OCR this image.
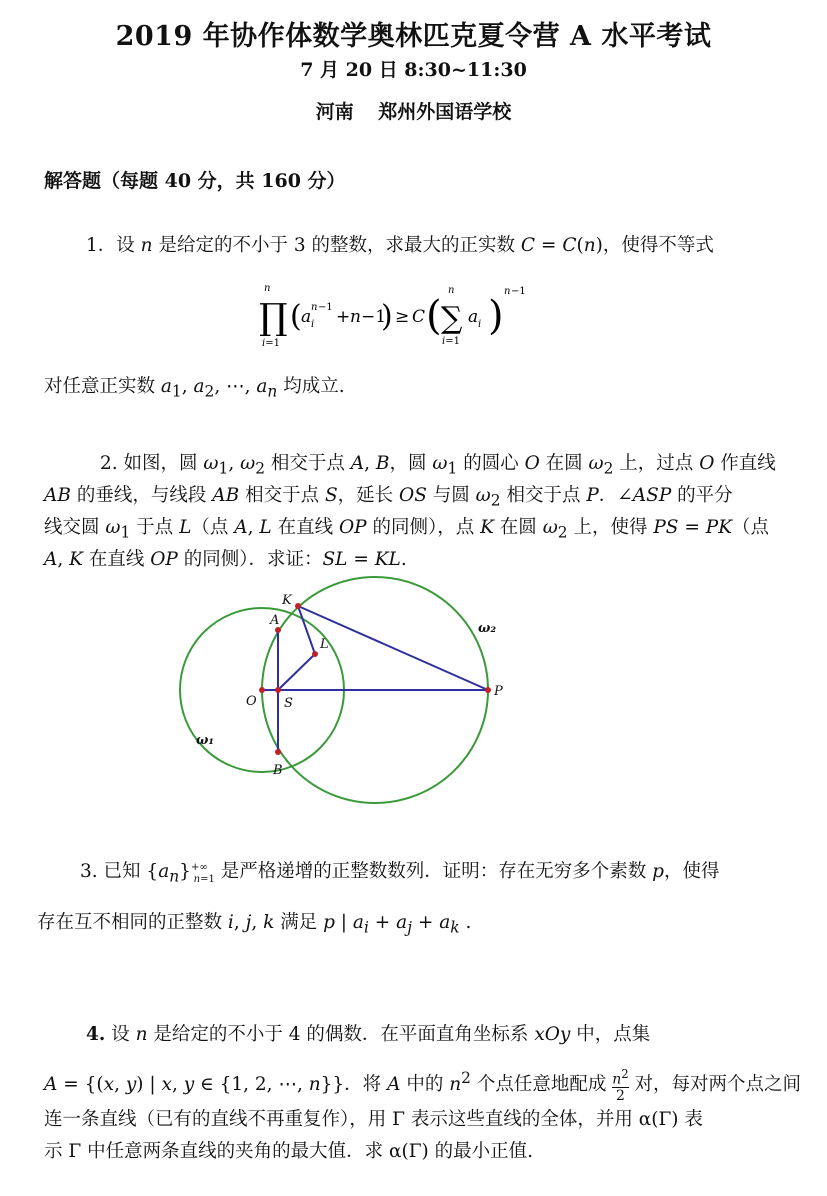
2019 年协作体数学奥林匹克夏令营 A 水平考试
7 月 20 日 8:30~11:30
河南 郑州外国语学校
解答题（每题 40 分，共 160 分）
1．设 n 是给定的不小于 3 的整数，求最大的正实数 C = C(n)，使得不等式
n
∏
i=1
( a n −1
i + n −1
) ≥ C (
n
∑
i=1
a i )
n −1
对任意正实数 $a_1$, $a_2$, ⋯, $a_n$ 均成立.
2. 如图，圆 $\omega_1$, $\omega_2$ 相交于点 A, B，圆 $\omega_1$ 的圆心 O 在圆 $\omega_2$ 上，过点 O 作直线
AB 的垂线，与线段 AB 相交于点 S，延长 OS 与圆 $\omega_2$ 相交于点 P．∠ASP 的平分
线交圆 $\omega_1$ 于点 L（点 A, L 在直线 OP 的同侧），点 K 在圆 $\omega_2$ 上，使得 PS = PK（点
A, K 在直线 OP 的同侧）．求证：SL = KL.
K
A
L
O S
B
P
ω₁
ω₂
3. 已知 $\{a_n\}^{+\infty}_{n=1}$ 是严格递增的正整数数列．证明：存在无穷多个素数 p，使得
存在互不相同的正整数 i, j, k 满足 p | $a_i + a_j + a_k$ .
4. 设 n 是给定的不小于 4 的偶数．在平面直角坐标系 xOy 中，点集
A = {(x, y) | x, y ∈ {1, 2, ⋯, n}}．将 A 中的 $n^2$ 个点任意地配成 $\frac{n^2}{2}$ 对，每对两个点之间
连一条直线（已有的直线不再重复作），用 Γ 表示这些直线的全体，并用 α(Γ) 表
示 Γ 中任意两条直线的夹角的最大值．求 α(Γ) 的最小正值.
